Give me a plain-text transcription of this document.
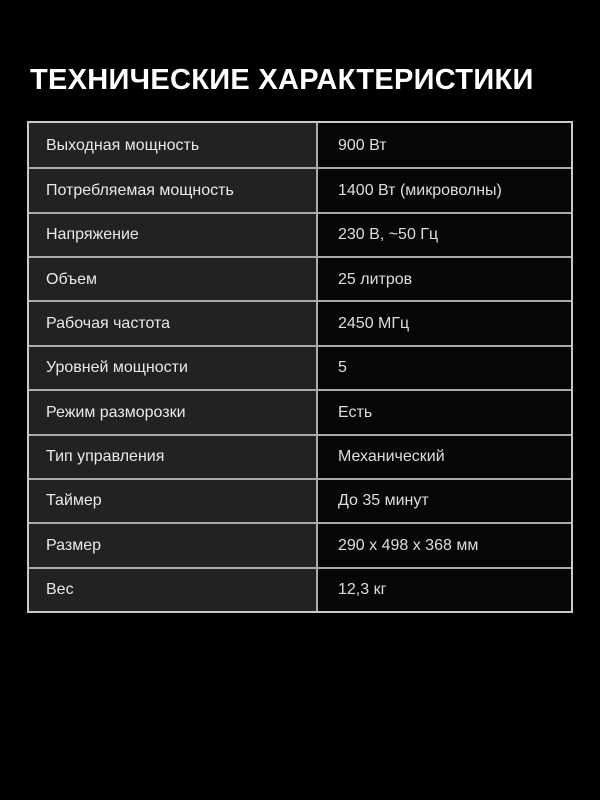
ТЕХНИЧЕСКИЕ ХАРАКТЕРИСТИКИ
Выходная мощность	900 Вт
Потребляемая мощность	1400 Вт (микроволны)
Напряжение	230 В, ~50 Гц
Объем	25 литров
Рабочая частота	2450 МГц
Уровней мощности	5
Режим разморозки	Есть
Тип управления	Механический
Таймер	До 35 минут
Размер	290 x 498 x 368 мм
Вес	12,3 кг
